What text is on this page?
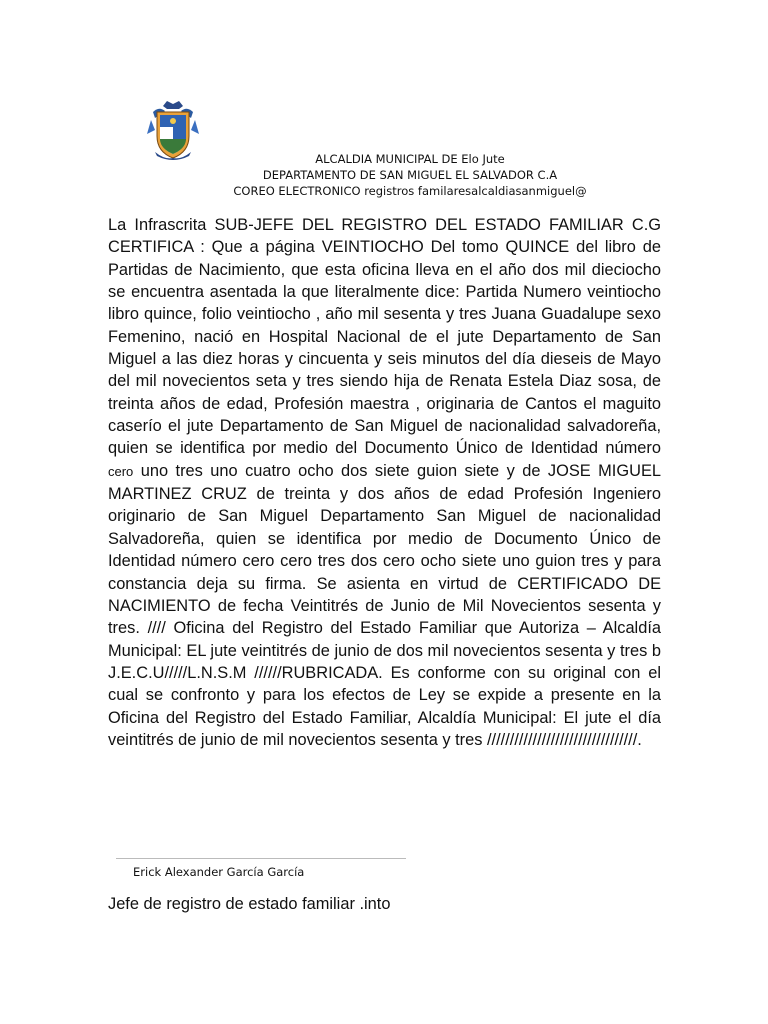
ALCALDIA MUNICIPAL DE Elo Jute
DEPARTAMENTO DE SAN MIGUEL EL SALVADOR C.A
COREO ELECTRONICO registros familaresalcaldiasanmiguel@
La Infrascrita SUB-JEFE DEL REGISTRO DEL ESTADO FAMILIAR C.G CERTIFICA : Que a página VEINTIOCHO Del tomo QUINCE del libro de Partidas de Nacimiento, que esta oficina lleva en el año dos mil dieciocho se encuentra asentada la que literalmente dice: Partida Numero veintiocho libro quince, folio veintiocho , año mil sesenta y tres Juana Guadalupe sexo Femenino, nació en Hospital Nacional de el jute Departamento de San Miguel a las diez horas y cincuenta y seis minutos del día dieseis de Mayo del mil novecientos seta y tres siendo hija de Renata Estela Diaz sosa, de treinta años de edad, Profesión maestra , originaria de Cantos el maguito caserío el jute Departamento de San Miguel de nacionalidad salvadoreña, quien se identifica por medio del Documento Único de Identidad número cero uno tres uno cuatro ocho dos siete guion siete y de JOSE MIGUEL MARTINEZ CRUZ de treinta y dos años de edad Profesión Ingeniero originario de San Miguel Departamento San Miguel de nacionalidad Salvadoreña, quien se identifica por medio de Documento Único de Identidad número cero cero tres dos cero ocho siete uno guion tres y para constancia deja su firma. Se asienta en virtud de CERTIFICADO DE NACIMIENTO de fecha Veintitrés de Junio de Mil Novecientos sesenta y tres. //// Oficina del Registro del Estado Familiar que Autoriza – Alcaldía Municipal: EL jute veintitrés de junio de dos mil novecientos sesenta y tres b J.E.C.U/////L.N.S.M //////RUBRICADA. Es conforme con su original con el cual se confronto y para los efectos de Ley se expide a presente en la Oficina del Registro del Estado Familiar, Alcaldía Municipal: El jute el día veintitrés de junio de mil novecientos sesenta y tres /////////////////////////////////.
Erick Alexander García García
Jefe de registro de estado familiar .into
